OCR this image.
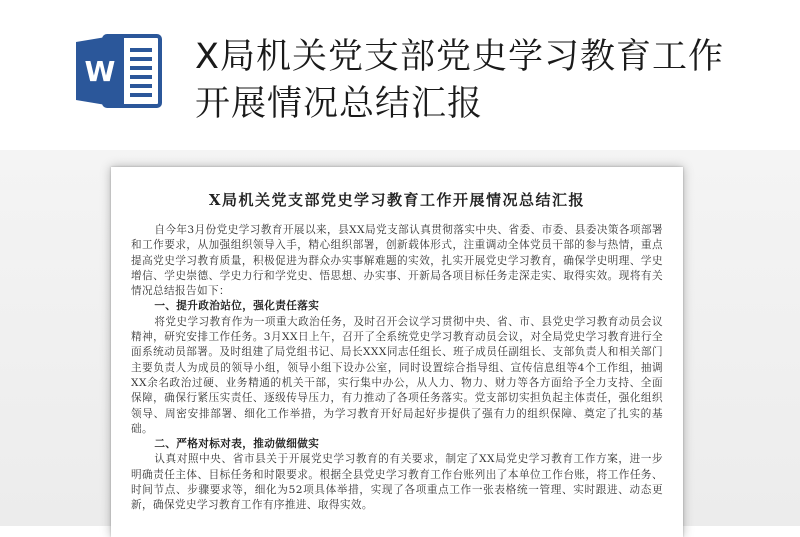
W X局机关党支部党史学习教育工作开展情况总结汇报
X局机关党支部党史学习教育工作开展情况总结汇报

自今年3月份党史学习教育开展以来，县XX局党支部认真贯彻落实中央、省委、市委、县委决策各项部署和工作要求，从加强组织领导入手，精心组织部署，创新载体形式，注重调动全体党员干部的参与热情，重点提高党史学习教育质量，积极促进为群众办实事解难题的实效，扎实开展党史学习教育，确保学史明理、学史增信、学史崇德、学史力行和学党史、悟思想、办实事、开新局各项目标任务走深走实、取得实效。现将有关情况总结报告如下：

一、提升政治站位，强化责任落实

将党史学习教育作为一项重大政治任务，及时召开会议学习贯彻中央、省、市、县党史学习教育动员会议精神，研究安排工作任务。3月XX日上午，召开了全系统党史学习教育动员会议，对全局党史学习教育进行全面系统动员部署。及时组建了局党组书记、局长XXX同志任组长、班子成员任副组长、支部负责人和相关部门主要负责人为成员的领导小组，领导小组下设办公室，同时设置综合指导组、宣传信息组等4个工作组，抽调XX余名政治过硬、业务精通的机关干部，实行集中办公，从人力、物力、财力等各方面给予全力支持、全面保障，确保行紧压实责任、逐级传导压力，有力推动了各项任务落实。党支部切实担负起主体责任，强化组织领导、周密安排部署、细化工作举措，为学习教育开好局起好步提供了强有力的组织保障、奠定了扎实的基础。

二、严格对标对表，推动做细做实

认真对照中央、省市县关于开展党史学习教育的有关要求，制定了XX局党史学习教育工作方案，进一步明确责任主体、目标任务和时限要求。根据全县党史学习教育工作台账列出了本单位工作台账，将工作任务、时间节点、步骤要求等，细化为52项具体举措，实现了各项重点工作一张表格统一管理、实时跟进、动态更新，确保党史学习教育工作有序推进、取得实效。
